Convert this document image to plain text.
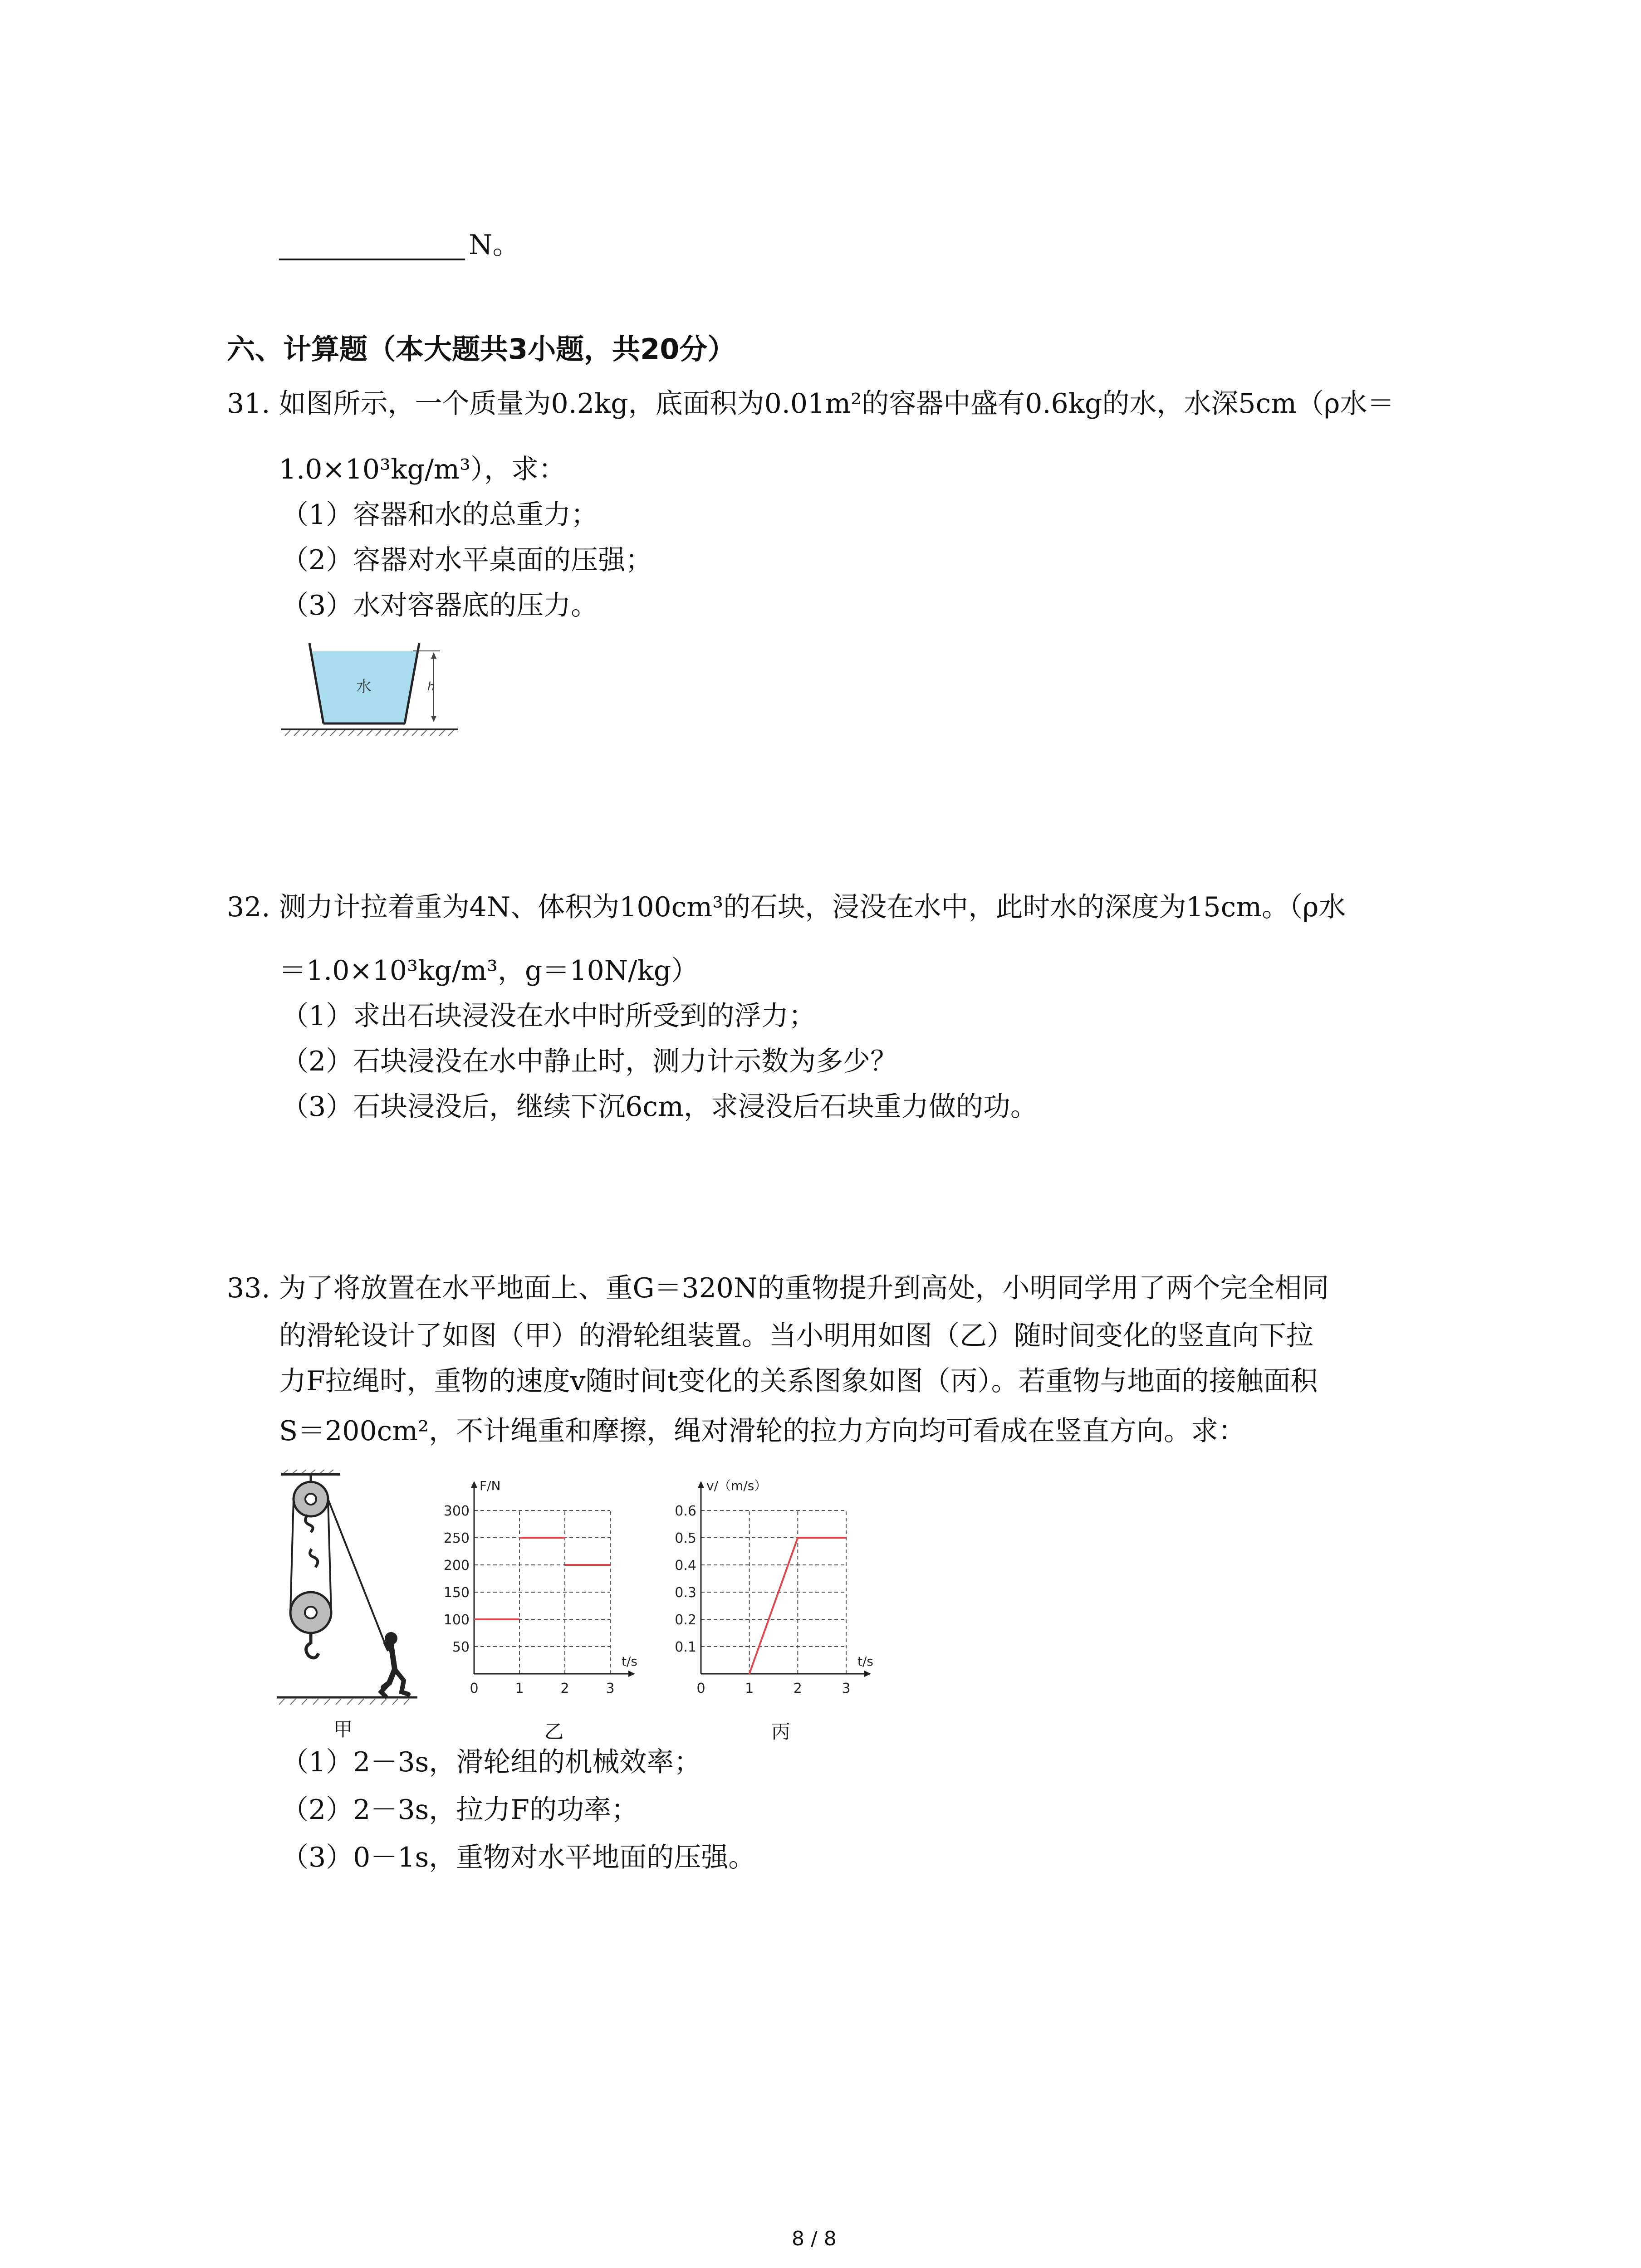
N。
六、计算题（本大题共3小题，共20分）
31. 如图所示，一个质量为0.2kg，底面积为0.01m²的容器中盛有0.6kg的水，水深5cm（ρ水＝
1.0×10³kg/m³），求：
（1）容器和水的总重力；
（2）容器对水平桌面的压强；
（3）水对容器底的压力。
水	h
32. 测力计拉着重为4N、体积为100cm³的石块，浸没在水中，此时水的深度为15cm。（ρ水
＝1.0×10³kg/m³，g＝10N/kg）
（1）求出石块浸没在水中时所受到的浮力；
（2）石块浸没在水中静止时，测力计示数为多少？
（3）石块浸没后，继续下沉6cm，求浸没后石块重力做的功。
33. 为了将放置在水平地面上、重G＝320N的重物提升到高处，小明同学用了两个完全相同
的滑轮设计了如图（甲）的滑轮组装置。当小明用如图（乙）随时间变化的竖直向下拉
力F拉绳时，重物的速度v随时间t变化的关系图象如图（丙）。若重物与地面的接触面积
S＝200cm²，不计绳重和摩擦，绳对滑轮的拉力方向均可看成在竖直方向。求：
甲
50
100
150
200
250
300
0	1	2	3
t/s
F/N
乙
0.1
0.2
0.3
0.4
0.5
0.6
0	1	2	3
t/s
v/（m/s）
丙
（1）2－3s，滑轮组的机械效率；
（2）2－3s，拉力F的功率；
（3）0－1s，重物对水平地面的压强。
8 / 8
